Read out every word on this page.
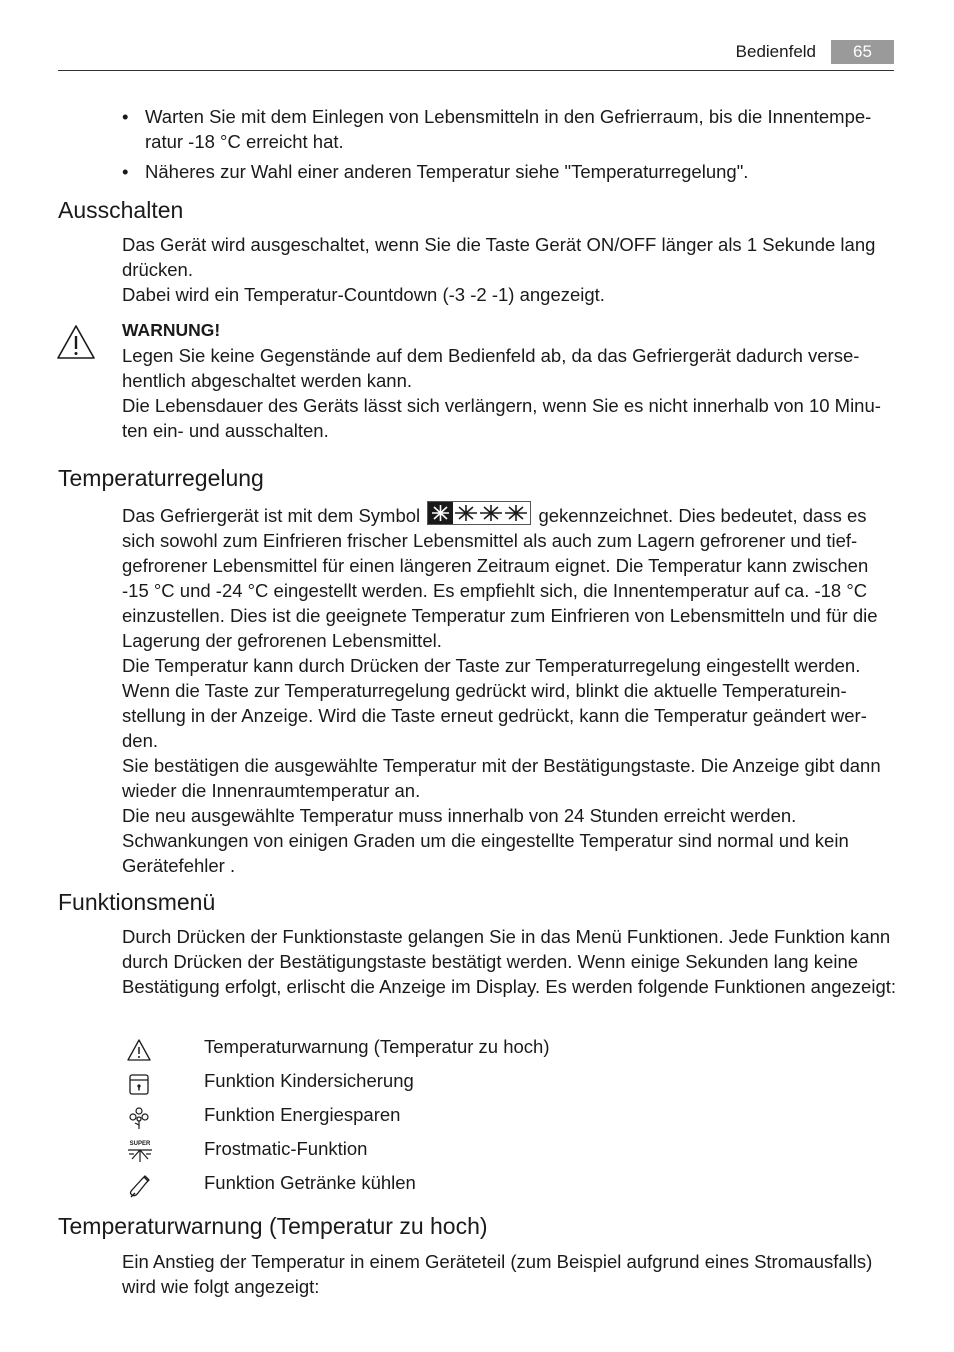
Bedienfeld	65
• Warten Sie mit dem Einlegen von Lebensmitteln in den Gefrierraum, bis die Innentempe-ratur -18 °C erreicht hat.
• Näheres zur Wahl einer anderen Temperatur siehe "Temperaturregelung".
Ausschalten

Das Gerät wird ausgeschaltet, wenn Sie die Taste Gerät ON/OFF länger als 1 Sekunde lang drücken.

Dabei wird ein Temperatur-Countdown (-3 -2 -1) angezeigt.

WARNUNG!

Legen Sie keine Gegenstände auf dem Bedienfeld ab, da das Gefriergerät dadurch verse-hentlich abgeschaltet werden kann.

Die Lebensdauer des Geräts lässt sich verlängern, wenn Sie es nicht innerhalb von 10 Minu-ten ein- und ausschalten.

Temperaturregelung

Das Gefriergerät ist mit dem Symbol	gekennzeichnet. Dies bedeutet, dass es sich sowohl zum Einfrieren frischer Lebensmittel als auch zum Lagern gefrorener und tief-gefrorener Lebensmittel für einen längeren Zeitraum eignet. Die Temperatur kann zwischen -15 °C und -24 °C eingestellt werden. Es empfiehlt sich, die Innentemperatur auf ca. -18 °C einzustellen. Dies ist die geeignete Temperatur zum Einfrieren von Lebensmitteln und für die Lagerung der gefrorenen Lebensmittel.

Die Temperatur kann durch Drücken der Taste zur Temperaturregelung eingestellt werden. Wenn die Taste zur Temperaturregelung gedrückt wird, blinkt die aktuelle Temperaturein-stellung in der Anzeige. Wird die Taste erneut gedrückt, kann die Temperatur geändert wer-den.

Sie bestätigen die ausgewählte Temperatur mit der Bestätigungstaste. Die Anzeige gibt dann wieder die Innenraumtemperatur an.

Die neu ausgewählte Temperatur muss innerhalb von 24 Stunden erreicht werden.

Schwankungen von einigen Graden um die eingestellte Temperatur sind normal und kein Gerätefehler .

Funktionsmenü
Durch Drücken der Funktionstaste gelangen Sie in das Menü Funktionen. Jede Funktion kann durch Drücken der Bestätigungstaste bestätigt werden. Wenn einige Sekunden lang keine Bestätigung erfolgt, erlischt die Anzeige im Display. Es werden folgende Funktionen angezeigt:
Temperaturwarnung (Temperatur zu hoch)
Funktion Kindersicherung
Funktion Energiesparen
SUPER	Frostmatic-Funktion
Funktion Getränke kühlen
Temperaturwarnung (Temperatur zu hoch)
Ein Anstieg der Temperatur in einem Geräteteil (zum Beispiel aufgrund eines Stromausfalls) wird wie folgt angezeigt:
